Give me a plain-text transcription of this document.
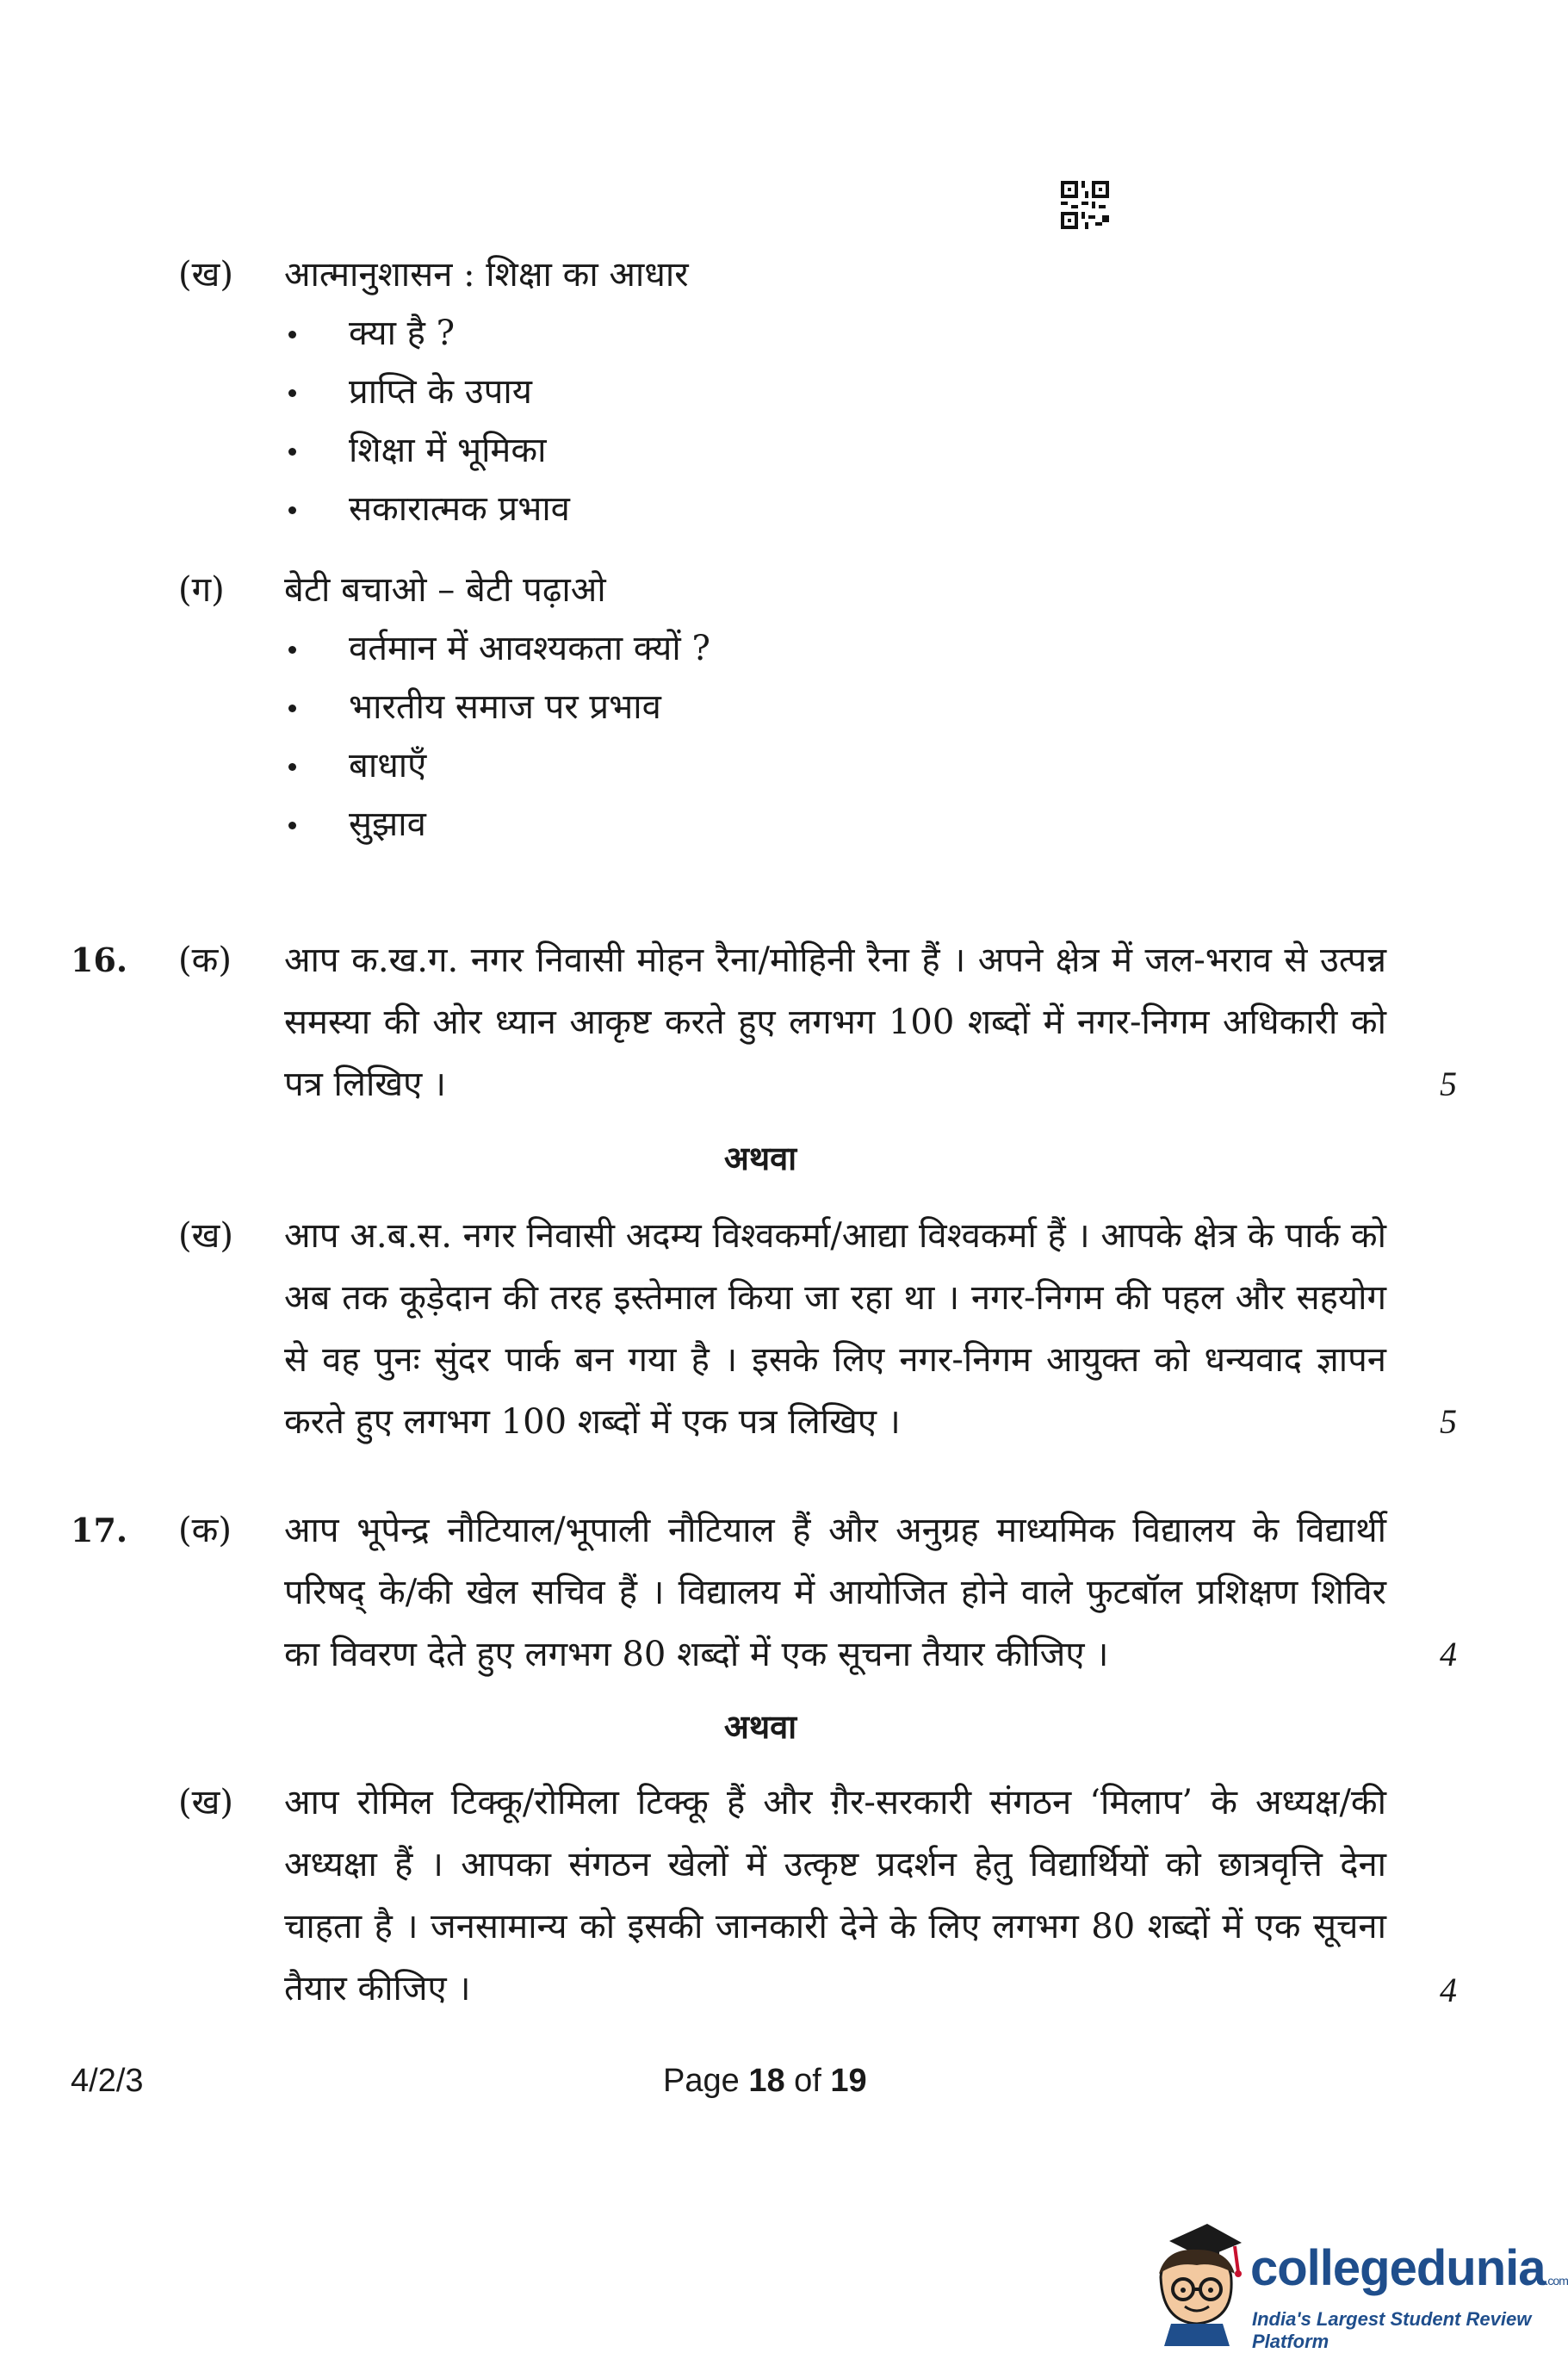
(ख) आत्मानुशासन : शिक्षा का आधार
क्या है ?
प्राप्ति के उपाय
शिक्षा में भूमिका
सकारात्मक प्रभाव
(ग) बेटी बचाओ – बेटी पढ़ाओ
वर्तमान में आवश्यकता क्यों ?
भारतीय समाज पर प्रभाव
बाधाएँ
सुझाव
16. (क) आप क.ख.ग. नगर निवासी मोहन रैना/मोहिनी रैना हैं । अपने क्षेत्र में जल-भराव से उत्पन्न समस्या की ओर ध्यान आकृष्ट करते हुए लगभग 100 शब्दों में नगर-निगम अधिकारी को पत्र लिखिए ।	5
अथवा
(ख) आप अ.ब.स. नगर निवासी अदम्य विश्वकर्मा/आद्या विश्वकर्मा हैं । आपके क्षेत्र के पार्क को अब तक कूड़ेदान की तरह इस्तेमाल किया जा रहा था । नगर-निगम की पहल और सहयोग से वह पुनः सुंदर पार्क बन गया है । इसके लिए नगर-निगम आयुक्त को धन्यवाद ज्ञापन करते हुए लगभग 100 शब्दों में एक पत्र लिखिए ।	5
17. (क) आप भूपेन्द्र नौटियाल/भूपाली नौटियाल हैं और अनुग्रह माध्यमिक विद्यालय के विद्यार्थी परिषद् के/की खेल सचिव हैं । विद्यालय में आयोजित होने वाले फुटबॉल प्रशिक्षण शिविर का विवरण देते हुए लगभग 80 शब्दों में एक सूचना तैयार कीजिए ।	4
अथवा
(ख) आप रोमिल टिक्कू/रोमिला टिक्कू हैं और ग़ैर-सरकारी संगठन ‘मिलाप’ के अध्यक्ष/की अध्यक्षा हैं । आपका संगठन खेलों में उत्कृष्ट प्रदर्शन हेतु विद्यार्थियों को छात्रवृत्ति देना चाहता है । जनसामान्य को इसकी जानकारी देने के लिए लगभग 80 शब्दों में एक सूचना तैयार कीजिए ।	4
4/2/3	Page 18 of 19
collegedunia.com
India's Largest Student Review Platform
